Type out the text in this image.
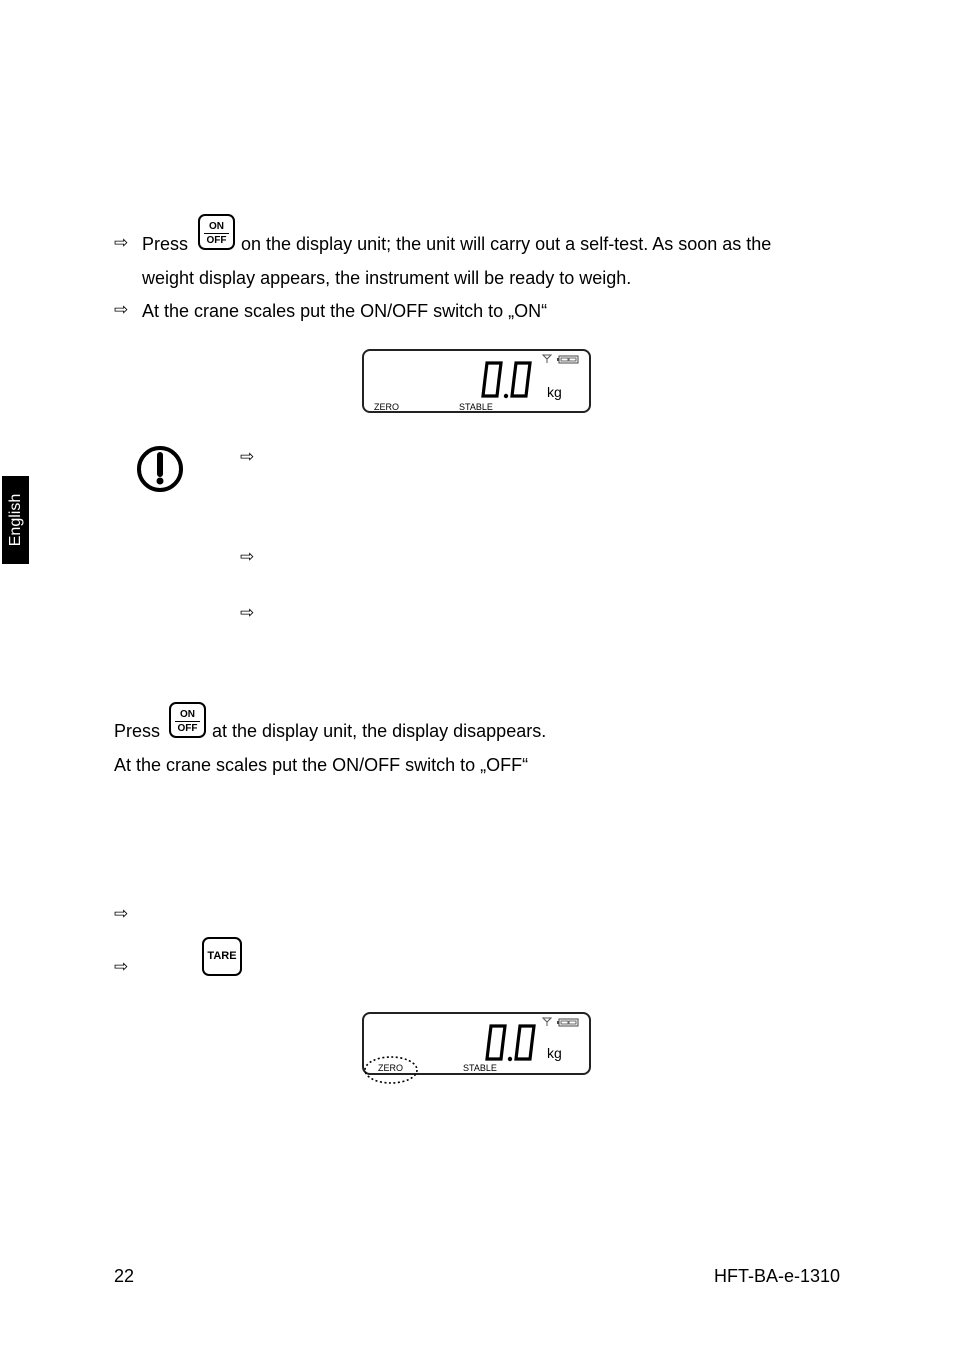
English
⇨ Press
ON
OFF on the display unit; the unit will carry out a self-test. As soon as the
weight display appears, the instrument will be ready to weigh.
⇨ At the crane scales put the ON/OFF switch to „ON“
kg
ZERO	STABLE
⇨
⇨
⇨
Press
ON
OFF at the display unit, the display disappears.
At the crane scales put the ON/OFF switch to „OFF“
⇨
⇨
TARE
kg
ZERO	STABLE
22	HFT-BA-e-1310
